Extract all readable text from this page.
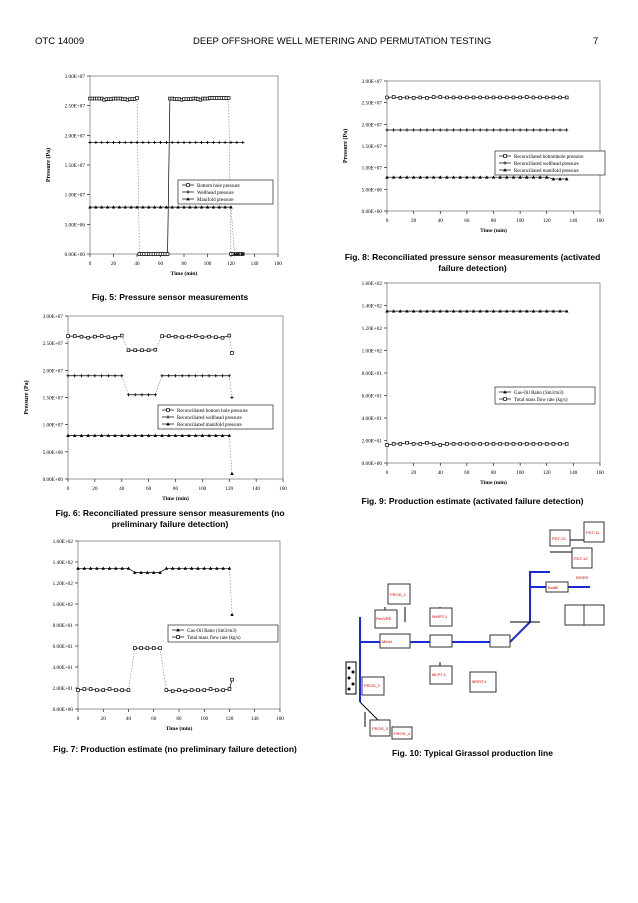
OTC 14009	DEEP OFFSHORE WELL METERING AND PERMUTATION TESTING	7
0.00E+00
5.00E+06
1.00E+07
1.50E+07
2.00E+07
2.50E+07
3.00E+07
0	20	40	60	80	100	120	140	160
Time (min)
Pressure (Pa)
Bottom hole pressure
Wellhead pressure
Manifold pressure
Fig. 5: Pressure sensor measurements
0.00E+00
5.00E+06
1.00E+07
1.50E+07
2.00E+07
2.50E+07
3.00E+07
0	20	40	60	80	100	120	140	160
Time (min)
Pressure (Pa)	Reconciliated bottom hole pressure
Reconciliated wellhead pressure
Reconciliated manifold pressure
Fig. 6: Reconciliated pressure sensor measurements (no preliminary failure detection)
0.00E+00
2.00E+01
4.00E+01
6.00E+01
8.00E+01
1.00E+02
1.20E+02
1.40E+02
1.60E+02
0	20	40	60	80	100	120	140	160
Time (min)
Gas-Oil Ratio (Sm3/m3)
Total mass flow rate (kg/s)
Fig. 7: Production estimate (no preliminary failure detection)
0.00E+00
5.00E+06
1.00E+07
1.50E+07
2.00E+07
2.50E+07
3.00E+07
0	20	40	60	80	100	120	140	160
Time (min)
Pressure (Pa)	Reconciliated bottomhole pressure
Reconciliated wellhead pressure
Reconciliated manifold pressure
Fig. 8: Reconciliated pressure sensor measurements (activated failure detection)
0.00E+00
2.00E+01
4.00E+01
6.00E+01
8.00E+01
1.00E+02
1.20E+02
1.40E+02
1.60E+02
0	20	40	60	80	100	120	140	160
Time (min)
Gas-Oil Ratio (Sm3/m3)
Total mass flow rate (kg/s)
Fig. 9: Production estimate (activated failure detection)
PDT-10
PDT-11
PDT-12
PROD_1
PROD_2
PROD_3
PROD_4
WHPT-1
MLPT-1
MRDT-1
RISER
Bullitt
Mfold
RecVRE
Fig. 10: Typical Girassol production line
